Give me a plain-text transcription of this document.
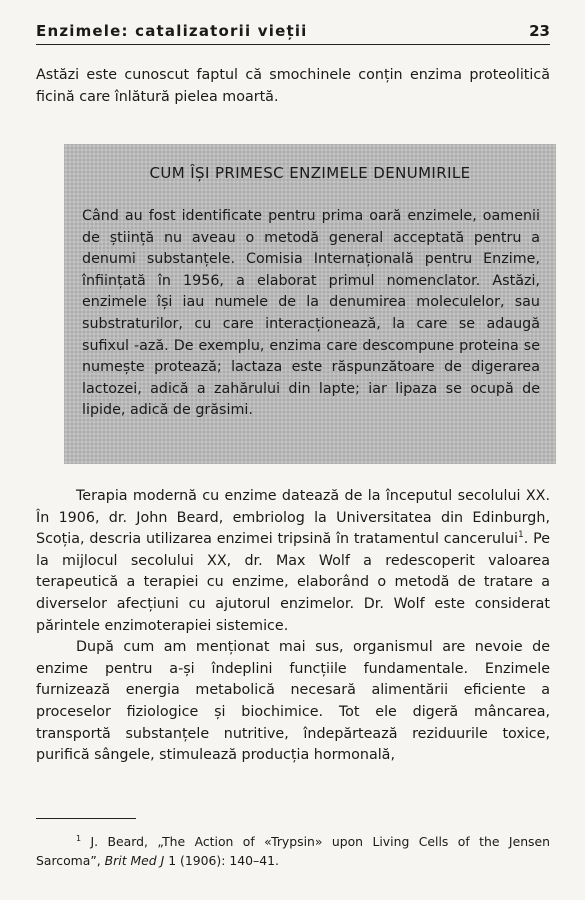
Enzimele: catalizatorii vieții	23
Astăzi este cunoscut faptul că smochinele conțin enzima proteolitică ficină care înlătură pielea moartă.
CUM ÎȘI PRIMESC ENZIMELE DENUMIRILE
Când au fost identificate pentru prima oară enzimele, oamenii de știință nu aveau o metodă general acceptată pentru a denumi substanțele. Comisia Internațională pentru Enzime, înființată în 1956, a elaborat primul nomenclator. Astăzi, enzimele își iau numele de la denumirea moleculelor, sau substraturilor, cu care interacționează, la care se adaugă sufixul -ază. De exemplu, enzima care descompune proteina se numește protează; lactaza este răspunzătoare de digerarea lactozei, adică a zahărului din lapte; iar lipaza se ocupă de lipide, adică de grăsimi.

Terapia modernă cu enzime datează de la începutul secolului XX. În 1906, dr. John Beard, embriolog la Universitatea din Edinburgh, Scoția, descria utilizarea enzimei tripsină în tratamentul cancerului$^1$. Pe la mijlocul secolului XX, dr. Max Wolf a redescoperit valoarea terapeutică a terapiei cu enzime, elaborând o metodă de tratare a diverselor afecțiuni cu ajutorul enzimelor. Dr. Wolf este considerat părintele enzimoterapiei sistemice.

După cum am menționat mai sus, organismul are nevoie de enzime pentru a-și îndeplini funcțiile fundamentale. Enzimele furnizează energia metabolică necesară alimentării eficiente a proceselor fiziologice și biochimice. Tot ele digeră mâncarea, transportă substanțele nutritive, îndepărtează reziduurile toxice, purifică sângele, stimulează producția hormonală,

$^1$ J. Beard, „The Action of «Trypsin» upon Living Cells of the Jensen Sarcoma”, Brit Med J 1 (1906): 140–41.
